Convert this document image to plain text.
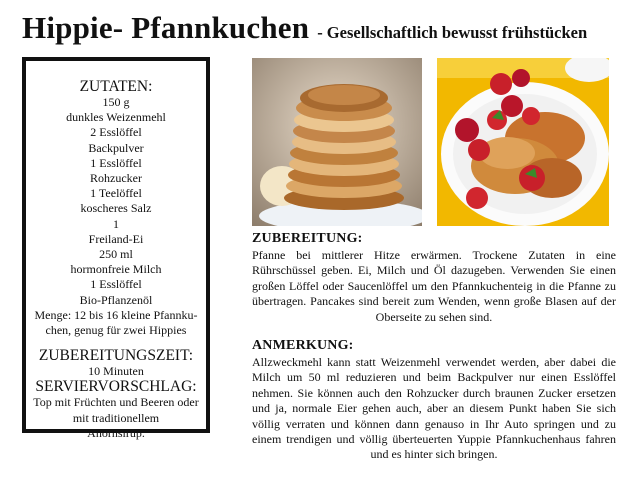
Hippie- Pfannkuchen - Gesellschaftlich bewusst frühstücken
ZUTATEN:
150 g
dunkles Weizenmehl
2 Esslöffel
Backpulver
1 Esslöffel
Rohzucker
1 Teelöffel
koscheres Salz
1
Freiland-Ei
250 ml
hormonfreie Milch
1 Esslöffel
Bio-Pflanzenöl
Menge: 12 bis 16 kleine Pfannku-
chen, genug für zwei Hippies
ZUBEREITUNGSZEIT:
10 Minuten
SERVIERVORSCHLAG:
Top mit Früchten und Beeren oder
mit traditionellem
Ahornsirup.
ZUBEREITUNG:
Pfanne bei mittlerer Hitze erwärmen. Trockene Zutaten in eine Rührschüssel geben. Ei, Milch und Öl dazugeben. Verwenden Sie einen großen Löffel oder Saucenlöffel um den Pfannkuchenteig in die Pfanne zu übertragen. Pancakes sind bereit zum Wenden, wenn große Blasen auf der Oberseite zu sehen sind.
ANMERKUNG:
Allzweckmehl kann statt Weizenmehl verwendet werden, aber dabei die Milch um 50 ml reduzieren und beim Backpulver nur einen Esslöffel nehmen. Sie können auch den Rohzucker durch braunen Zucker ersetzen und ja, normale Eier gehen auch, aber an diesem Punkt haben Sie sich völlig verraten und können dann genauso in Ihr Auto springen und zu einem trendigen und völlig überteuerten Yuppie Pfannkuchenhaus fahren und es hinter sich bringen.
